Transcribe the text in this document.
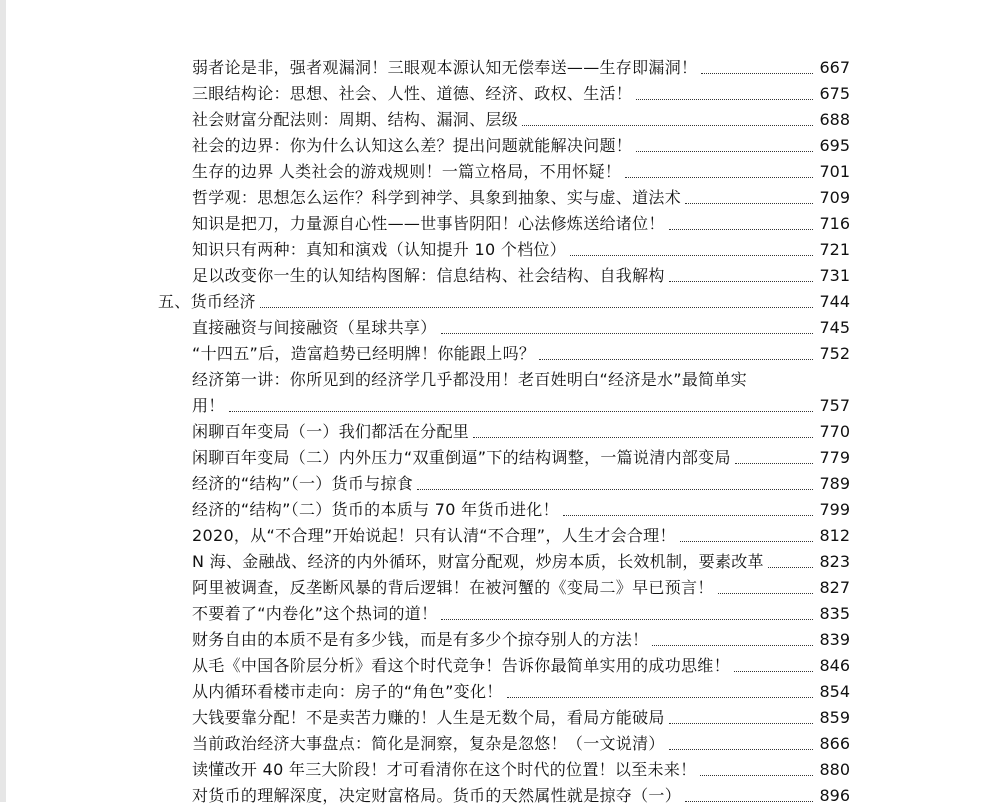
弱者论是非，强者观漏洞！三眼观本源认知无偿奉送——生存即漏洞！	667
三眼结构论：思想、社会、人性、道德、经济、政权、生活！	675
社会财富分配法则：周期、结构、漏洞、层级	688
社会的边界：你为什么认知这么差？提出问题就能解决问题！	695
生存的边界 人类社会的游戏规则！一篇立格局，不用怀疑！	701
哲学观：思想怎么运作？科学到神学、具象到抽象、实与虚、道法术	709
知识是把刀，力量源自心性——世事皆阴阳！心法修炼送给诸位！	716
知识只有两种：真知和演戏（认知提升 10 个档位）	721
足以改变你一生的认知结构图解：信息结构、社会结构、自我解构	731
五、货币经济	744
直接融资与间接融资（星球共享）	745
“十四五”后，造富趋势已经明牌！你能跟上吗？	752
经济第一讲：你所见到的经济学几乎都没用！老百姓明白“经济是水”最简单实
用！	757
闲聊百年变局（一）我们都活在分配里	770
闲聊百年变局（二）内外压力“双重倒逼”下的结构调整，一篇说清内部变局	779
经济的“结构”（一）货币与掠食	789
经济的“结构”（二）货币的本质与 70 年货币进化！	799
2020，从“不合理”开始说起！只有认清“不合理”，人生才会合理！	812
N 海、金融战、经济的内外循环，财富分配观，炒房本质，长效机制，要素改革	823
阿里被调查，反垄断风暴的背后逻辑！在被河蟹的《变局二》早已预言！	827
不要着了“内卷化”这个热词的道！	835
财务自由的本质不是有多少钱，而是有多少个掠夺别人的方法！	839
从毛《中国各阶层分析》看这个时代竞争！告诉你最简单实用的成功思维！	846
从内循环看楼市走向：房子的“角色”变化！	854
大钱要靠分配！不是卖苦力赚的！人生是无数个局，看局方能破局	859
当前政治经济大事盘点：简化是洞察，复杂是忽悠！（一文说清）	866
读懂改开 40 年三大阶段！才可看清你在这个时代的位置！以至未来！	880
对货币的理解深度，决定财富格局。货币的天然属性就是掠夺（一）	896
